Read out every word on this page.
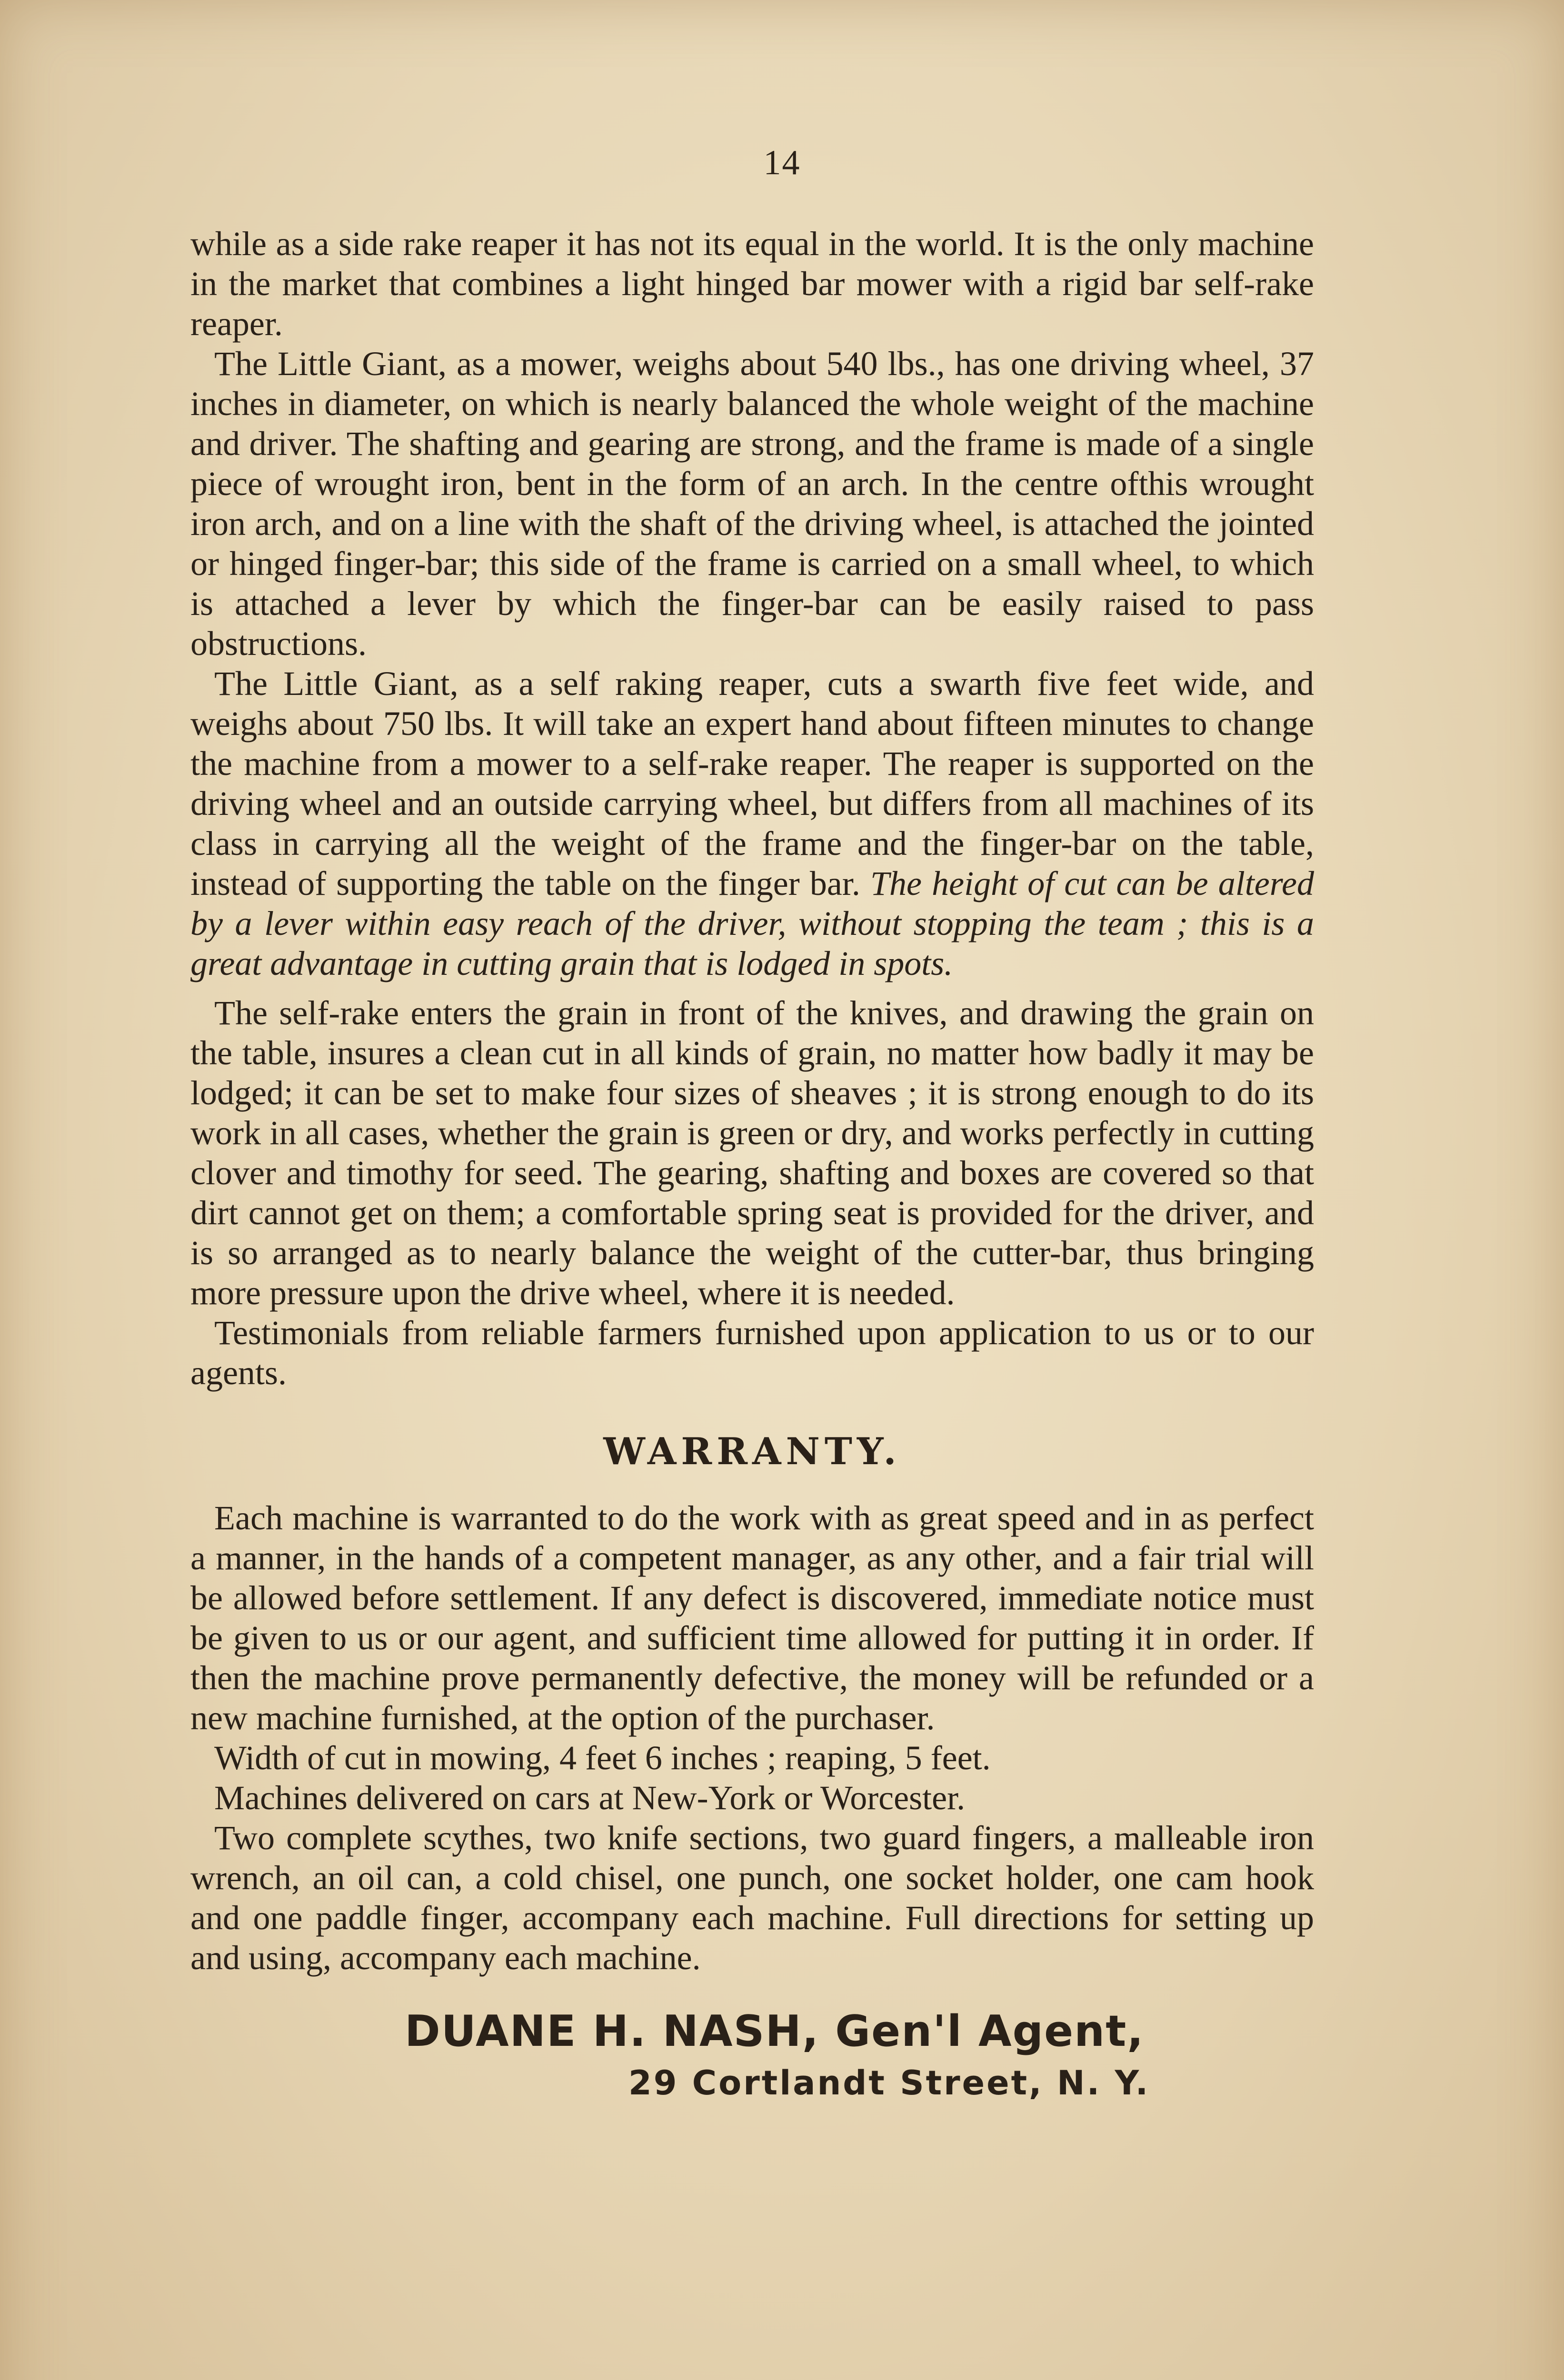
14

while as a side rake reaper it has not its equal in the world. It is the only machine in the market that combines a light hinged bar mower with a rigid bar self-rake reaper.

The Little Giant, as a mower, weighs about 540 lbs., has one driving wheel, 37 inches in diameter, on which is nearly balanced the whole weight of the machine and driver. The shafting and gearing are strong, and the frame is made of a single piece of wrought iron, bent in the form of an arch. In the centre ofthis wrought iron arch, and on a line with the shaft of the driving wheel, is attached the jointed or hinged finger-bar; this side of the frame is carried on a small wheel, to which is attached a lever by which the finger-bar can be easily raised to pass obstructions.

The Little Giant, as a self raking reaper, cuts a swarth five feet wide, and weighs about 750 lbs. It will take an expert hand about fifteen minutes to change the machine from a mower to a self-rake reaper. The reaper is supported on the driving wheel and an outside carrying wheel, but differs from all machines of its class in carrying all the weight of the frame and the finger-bar on the table, instead of supporting the table on the finger bar. The height of cut can be altered by a lever within easy reach of the driver, without stopping the team ; this is a great advantage in cutting grain that is lodged in spots.

The self-rake enters the grain in front of the knives, and drawing the grain on the table, insures a clean cut in all kinds of grain, no matter how badly it may be lodged; it can be set to make four sizes of sheaves ; it is strong enough to do its work in all cases, whether the grain is green or dry, and works perfectly in cutting clover and timothy for seed. The gearing, shafting and boxes are covered so that dirt cannot get on them; a comfortable spring seat is provided for the driver, and is so arranged as to nearly balance the weight of the cutter-bar, thus bringing more pressure upon the drive wheel, where it is needed.

Testimonials from reliable farmers furnished upon application to us or to our agents.

WARRANTY.

Each machine is warranted to do the work with as great speed and in as perfect a manner, in the hands of a competent manager, as any other, and a fair trial will be allowed before settlement. If any defect is discovered, immediate notice must be given to us or our agent, and sufficient time allowed for putting it in order. If then the machine prove permanently defective, the money will be refunded or a new machine furnished, at the option of the purchaser.

Width of cut in mowing, 4 feet 6 inches ; reaping, 5 feet.

Machines delivered on cars at New-York or Worcester.

Two complete scythes, two knife sections, two guard fingers, a malleable iron wrench, an oil can, a cold chisel, one punch, one socket holder, one cam hook and one paddle finger, accompany each machine. Full directions for setting up and using, accompany each machine.

DUANE H. NASH, Gen'l Agent,
29 Cortlandt Street, N. Y.
